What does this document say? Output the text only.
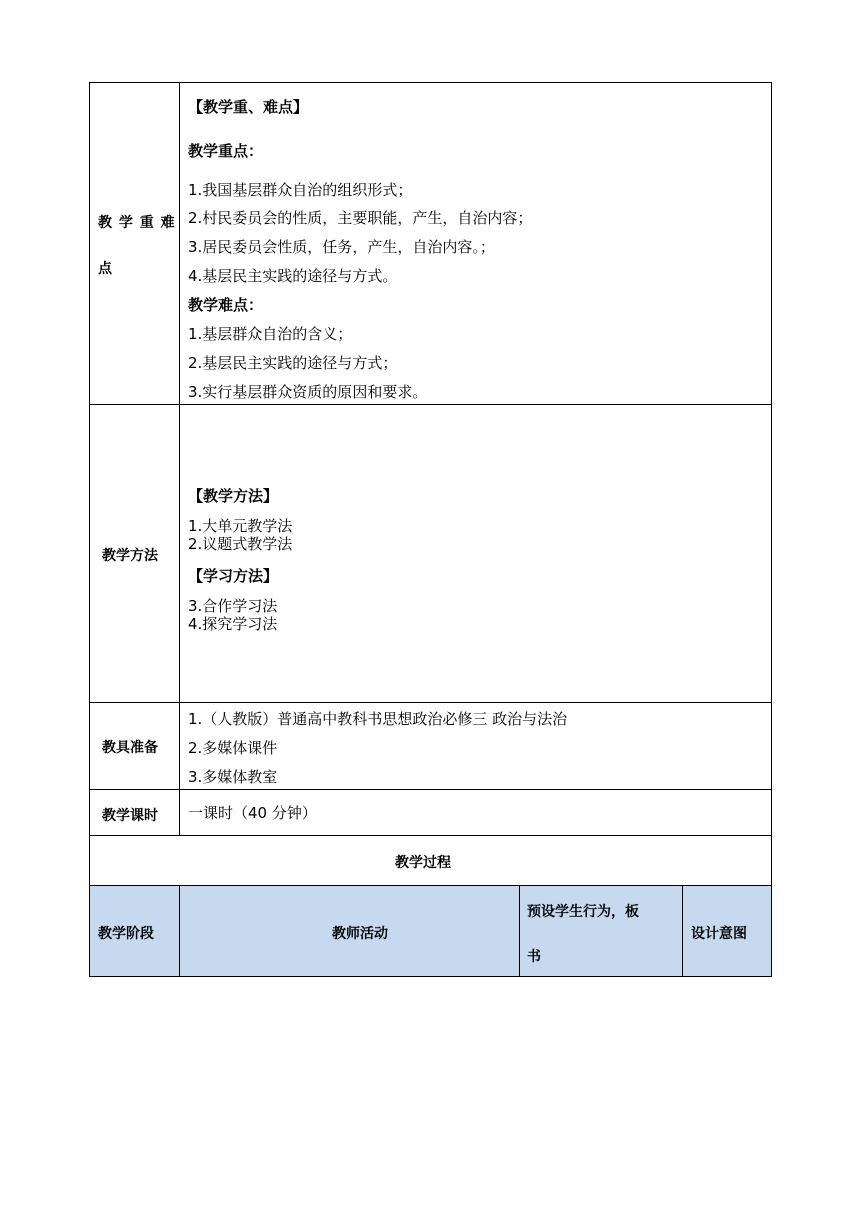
教 学 重 难
点
【教学重、难点】
教学重点：
1.我国基层群众自治的组织形式；
2.村民委员会的性质，主要职能，产生，自治内容；
3.居民委员会性质，任务，产生，自治内容。；
4.基层民主实践的途径与方式。
教学难点：
1.基层群众自治的含义；
2.基层民主实践的途径与方式；
3.实行基层群众资质的原因和要求。
教学方法
【教学方法】
1.大单元教学法
2.议题式教学法
【学习方法】
3.合作学习法
4.探究学习法
教具准备
1.（人教版）普通高中教科书思想政治必修三 政治与法治
2.多媒体课件
3.多媒体教室
教学课时 一课时（40 分钟）
教学过程
教学阶段	教师活动
预设学生行为，板
书
设计意图
